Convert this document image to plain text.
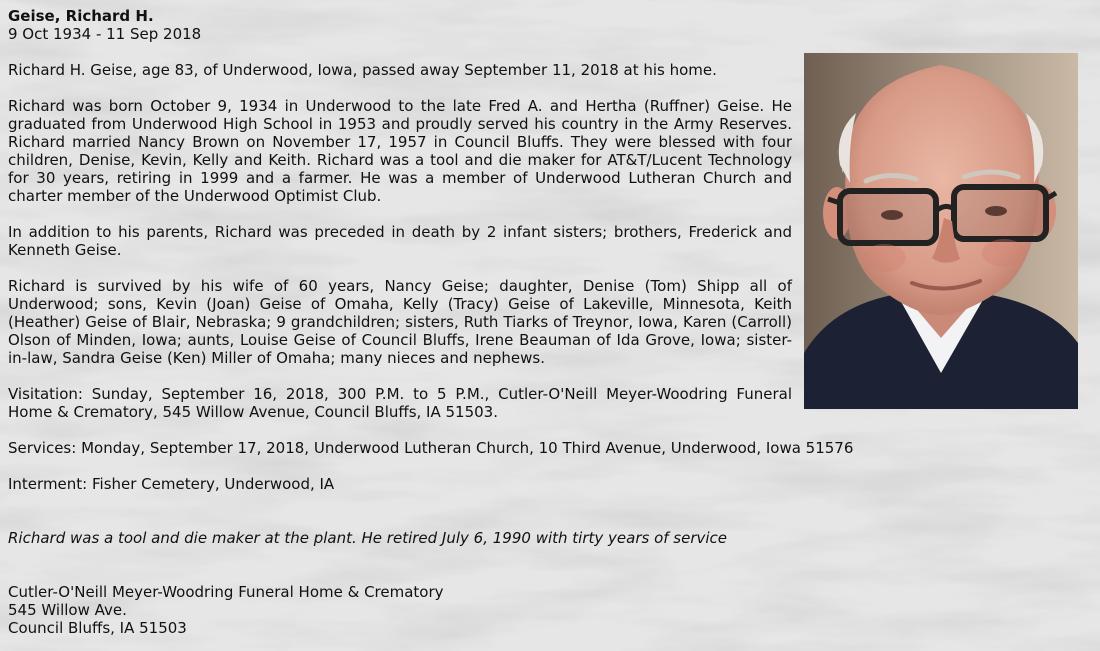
Geise, Richard H.
9 Oct 1934 - 11 Sep 2018
Richard H. Geise, age 83, of Underwood, Iowa, passed away September 11, 2018 at his home.
Richard was born October 9, 1934 in Underwood to the late Fred A. and Hertha (Ruffner) Geise. He graduated from Underwood High School in 1953 and proudly served his country in the Army Reserves. Richard married Nancy Brown on November 17, 1957 in Council Bluffs. They were blessed with four children, Denise, Kevin, Kelly and Keith. Richard was a tool and die maker for AT&T/Lucent Technology for 30 years, retiring in 1999 and a farmer. He was a member of Underwood Lutheran Church and charter member of the Underwood Optimist Club.
In addition to his parents, Richard was preceded in death by 2 infant sisters; brothers, Frederick and Kenneth Geise.
Richard is survived by his wife of 60 years, Nancy Geise; daughter, Denise (Tom) Shipp all of Underwood; sons, Kevin (Joan) Geise of Omaha, Kelly (Tracy) Geise of Lakeville, Minnesota, Keith (Heather) Geise of Blair, Nebraska; 9 grandchildren; sisters, Ruth Tiarks of Treynor, Iowa, Karen (Carroll) Olson of Minden, Iowa; aunts, Louise Geise of Council Bluffs, Irene Beauman of Ida Grove, Iowa; sister-in-law, Sandra Geise (Ken) Miller of Omaha; many nieces and nephews.
Visitation: Sunday, September 16, 2018, 300 P.M. to 5 P.M., Cutler-O'Neill Meyer-Woodring Funeral Home & Crematory, 545 Willow Avenue, Council Bluffs, IA 51503.
Services: Monday, September 17, 2018, Underwood Lutheran Church, 10 Third Avenue, Underwood, Iowa 51576
Interment: Fisher Cemetery, Underwood, IA
Richard was a tool and die maker at the plant. He retired July 6, 1990 with tirty years of service
Cutler-O'Neill Meyer-Woodring Funeral Home & Crematory
545 Willow Ave.
Council Bluffs, IA 51503
